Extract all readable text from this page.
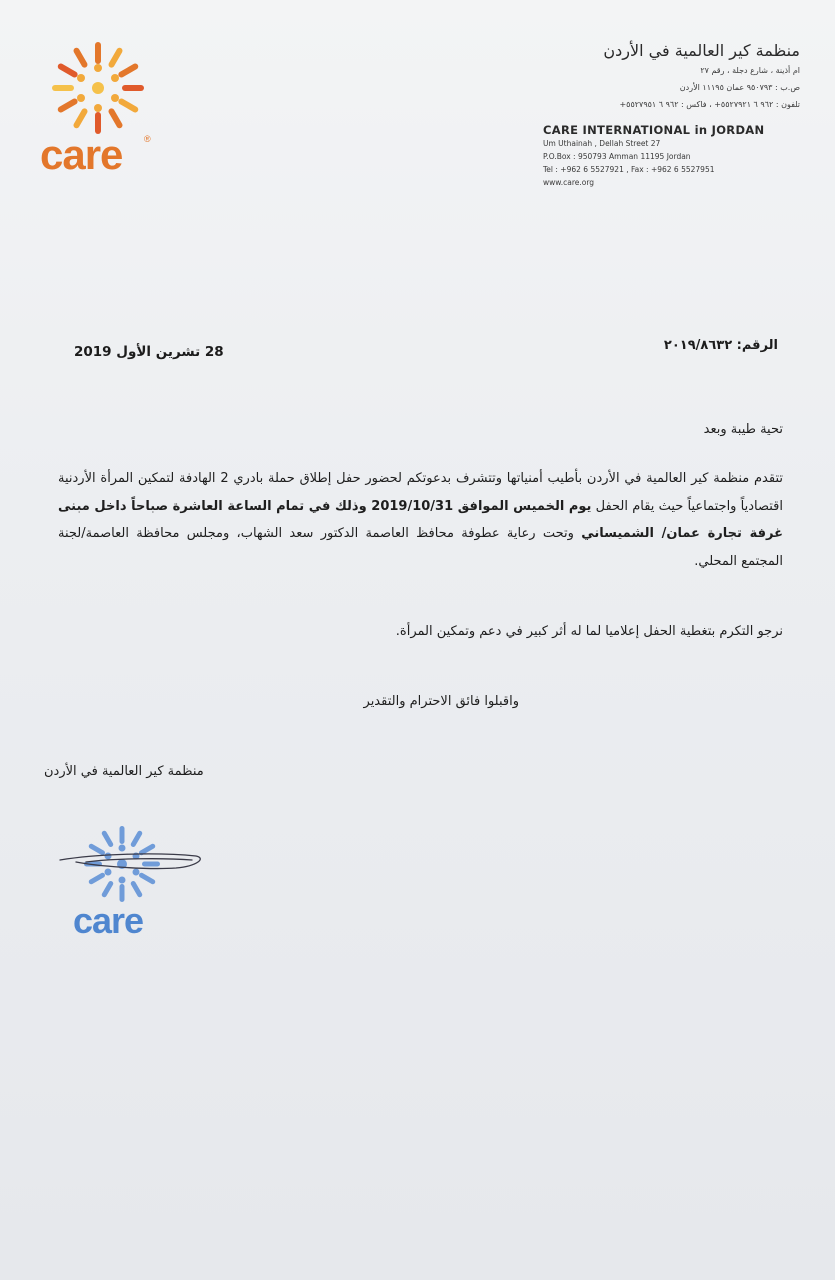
care ®
منظمة كير العالمية في الأردن
ام أذينة ، شارع دجلة ، رقم ٢٧
ص.ب : ٩٥٠٧٩٣ عمان ١١١٩٥ الأردن
تلفون : ٩٦٢ ٦ ٥٥٢٧٩٢١+ ، فاكس : ٩٦٢ ٦ ٥٥٢٧٩٥١+
CARE INTERNATIONAL in JORDAN
Um Uthainah , Dellah Street 27
P.O.Box : 950793 Amman 11195 Jordan
Tel : +962 6 5527921 , Fax : +962 6 5527951
www.care.org
الرقم: ٢٠١٩/٨٦٣٢
28 تشرين الأول 2019
تحية طيبة وبعد
تتقدم منظمة كير العالمية في الأردن بأطيب أمنياتها وتتشرف بدعوتكم لحضور حفل إطلاق حملة بادري 2 الهادفة لتمكين المرأة الأردنية اقتصادياً واجتماعياً حيث يقام الحفل يوم الخميس الموافق 2019/10/31 وذلك في تمام الساعة العاشرة صباحاً داخل مبنى غرفة تجارة عمان/ الشميساني وتحت رعاية عطوفة محافظ العاصمة الدكتور سعد الشهاب، ومجلس محافظة العاصمة/لجنة المجتمع المحلي.
نرجو التكرم بتغطية الحفل إعلاميا لما له أثر كبير في دعم وتمكين المرأة.
واقبلوا فائق الاحترام والتقدير
منظمة كير العالمية في الأردن
care
